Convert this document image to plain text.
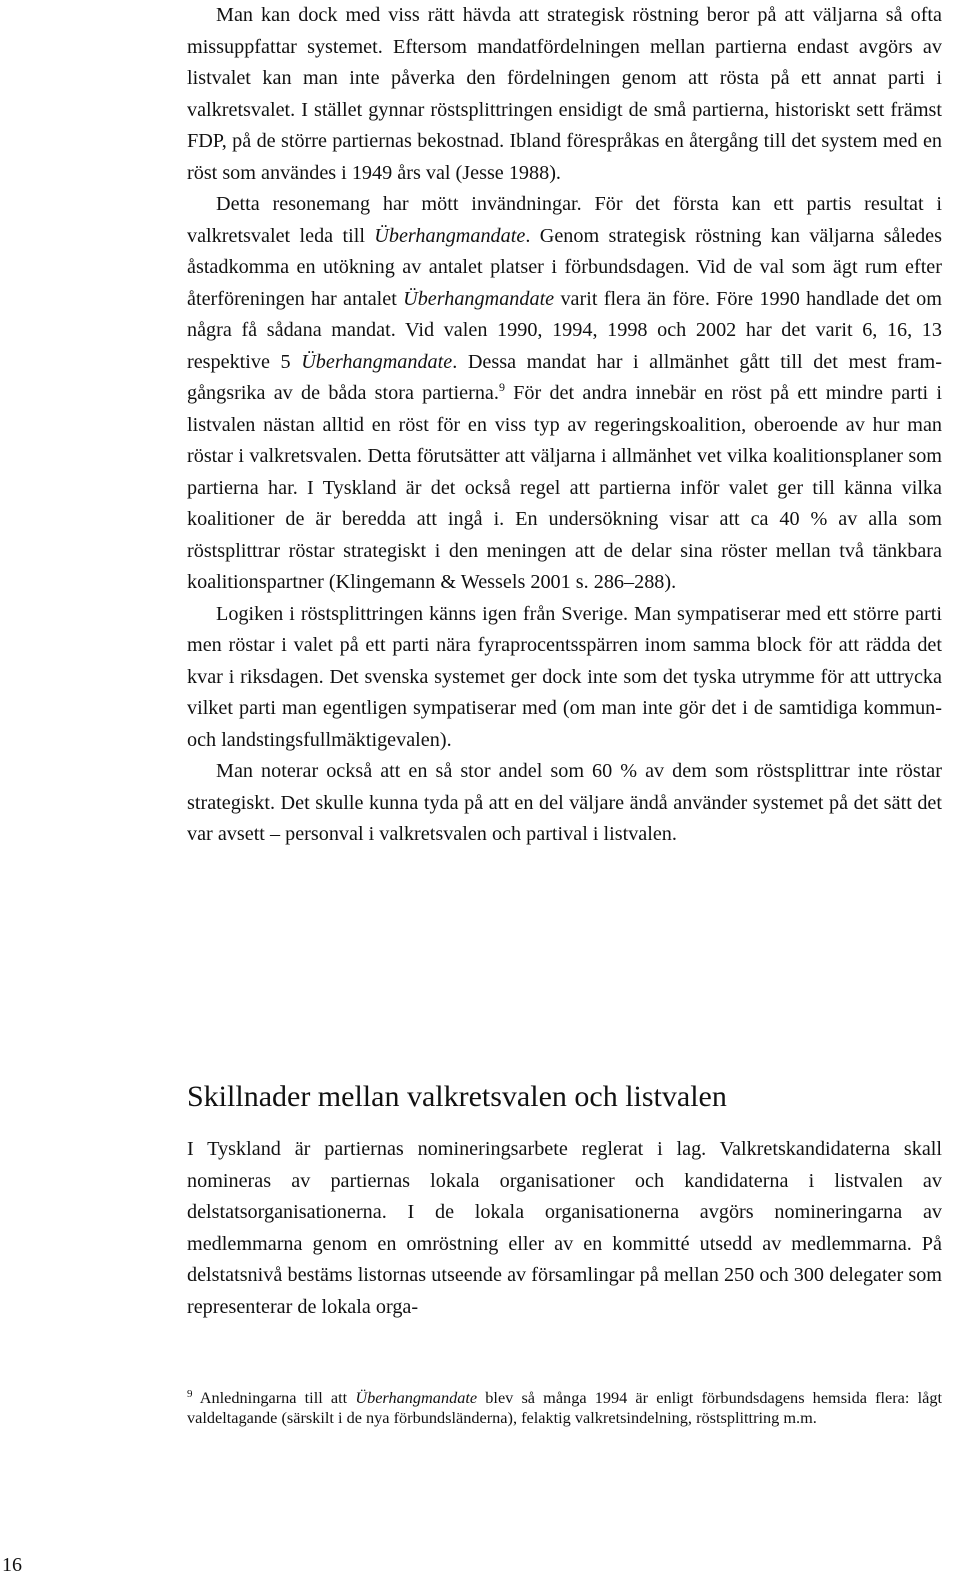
Man kan dock med viss rätt hävda att strategisk röstning beror på att väljarna så ofta missuppfattar systemet. Eftersom mandatfördelningen mellan partierna endast avgörs av listvalet kan man inte påverka den fördelningen genom att rösta på ett annat parti i valkretsvalet. I stället gynnar röstsplittringen ensidigt de små partierna, historiskt sett främst FDP, på de större partiernas bekostnad. Ibland förespråkas en återgång till det system med en röst som användes i 1949 års val (Jesse 1988).

Detta resonemang har mött invändningar. För det första kan ett partis resultat i valkretsvalet leda till Überhangmandate. Genom strategisk röstning kan väljarna således åstadkomma en utökning av antalet platser i förbundsdagen. Vid de val som ägt rum efter återföreningen har antalet Überhangmandate varit flera än före. Före 1990 handlade det om några få sådana mandat. Vid valen 1990, 1994, 1998 och 2002 har det varit 6, 16, 13 respektive 5 Überhangmandate. Dessa mandat har i allmänhet gått till det mest framgångsrika av de båda stora partierna.$^9$ För det andra innebär en röst på ett mindre parti i listvalen nästan alltid en röst för en viss typ av regeringskoalition, oberoende av hur man röstar i valkretsvalen. Detta förutsätter att väljarna i allmänhet vet vilka koalitionsplaner som partierna har. I Tyskland är det också regel att partierna inför valet ger till känna vilka koalitioner de är beredda att ingå i. En undersökning visar att ca 40 % av alla som röstsplittrar röstar strategiskt i den meningen att de delar sina röster mellan två tänkbara koalitionspartner (Klingemann & Wessels 2001 s. 286–288).

Logiken i röstsplittringen känns igen från Sverige. Man sympatiserar med ett större parti men röstar i valet på ett parti nära fyraprocentsspärren inom samma block för att rädda det kvar i riksdagen. Det svenska systemet ger dock inte som det tyska utrymme för att uttrycka vilket parti man egentligen sympatiserar med (om man inte gör det i de samtidiga kommun- och landstingsfullmäktigevalen).

Man noterar också att en så stor andel som 60 % av dem som röstsplittrar inte röstar strategiskt. Det skulle kunna tyda på att en del väljare ändå använder systemet på det sätt det var avsett – personval i valkretsvalen och partival i listvalen.

Skillnader mellan valkretsvalen och listvalen

I Tyskland är partiernas nomineringsarbete reglerat i lag. Valkretskandidaterna skall nomineras av partiernas lokala organisationer och kandidaterna i listvalen av delstatsorganisationerna. I de lokala organisationerna avgörs nomineringarna av medlemmarna genom en omröstning eller av en kommitté utsedd av medlemmarna. På delstatsnivå bestäms listornas utseende av församlingar på mellan 250 och 300 delegater som representerar de lokala orga-

$^9$ Anledningarna till att Überhangmandate blev så många 1994 är enligt förbundsdagens hemsida flera: lågt valdeltagande (särskilt i de nya förbundsländerna), felaktig valkretsindelning, röstsplittring m.m.

16
